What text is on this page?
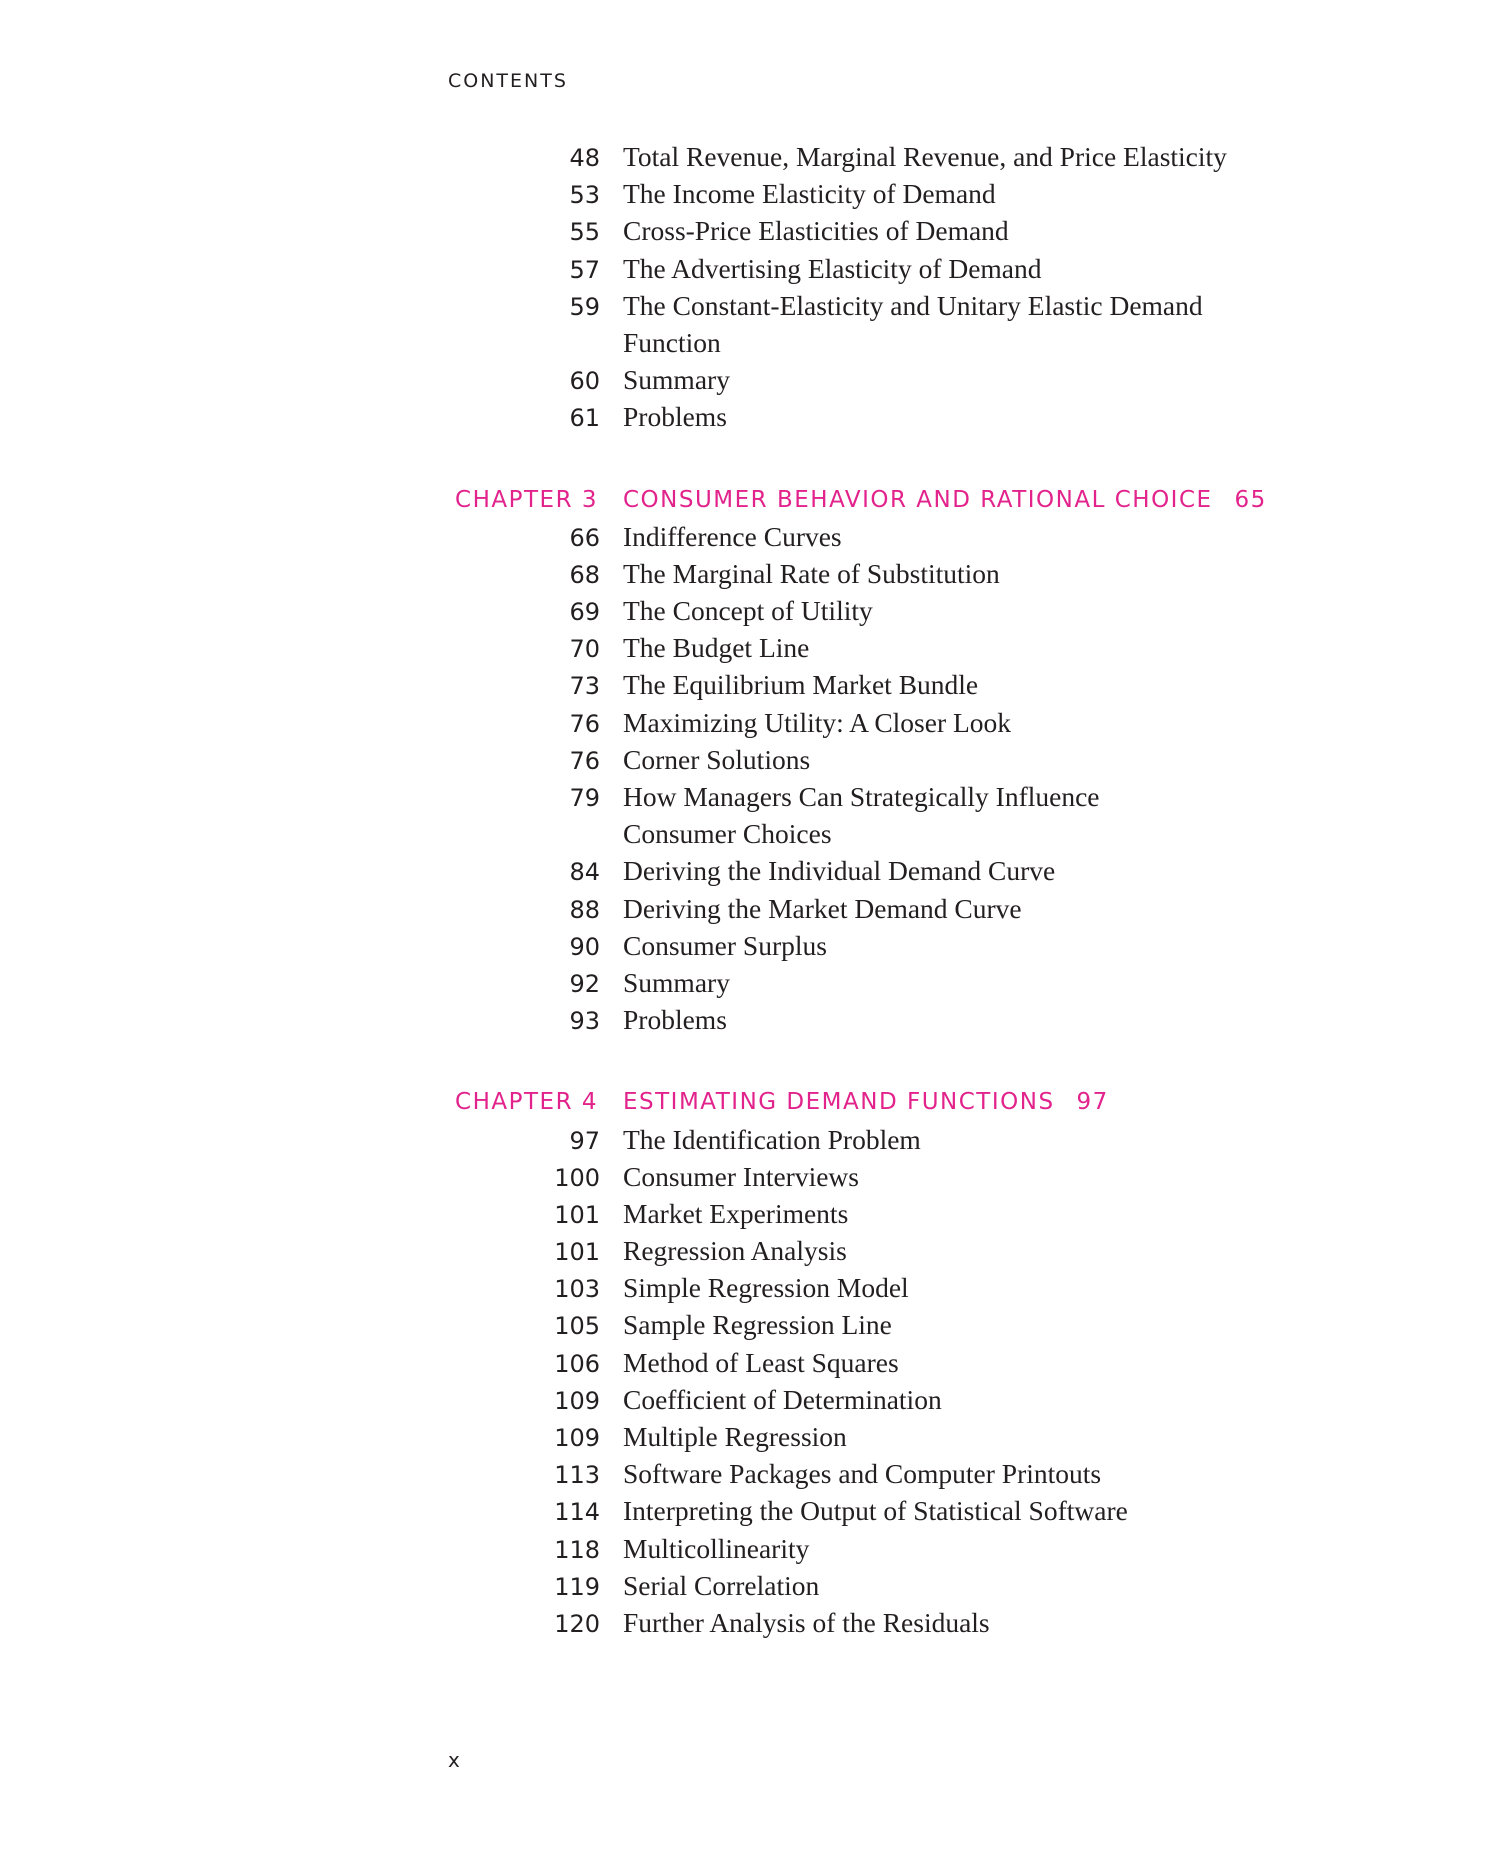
CONTENTS
48 Total Revenue, Marginal Revenue, and Price Elasticity
53 The Income Elasticity of Demand
55 Cross-Price Elasticities of Demand
57 The Advertising Elasticity of Demand
59 The Constant-Elasticity and Unitary Elastic Demand
Function
60 Summary
61 Problems
CHAPTER 3 CONSUMER BEHAVIOR AND RATIONAL CHOICE 65
66 Indifference Curves
68 The Marginal Rate of Substitution
69 The Concept of Utility
70 The Budget Line
73 The Equilibrium Market Bundle
76 Maximizing Utility: A Closer Look
76 Corner Solutions
79 How Managers Can Strategically Influence
Consumer Choices
84 Deriving the Individual Demand Curve
88 Deriving the Market Demand Curve
90 Consumer Surplus
92 Summary
93 Problems
CHAPTER 4 ESTIMATING DEMAND FUNCTIONS 97
97 The Identification Problem
100 Consumer Interviews
101 Market Experiments
101 Regression Analysis
103 Simple Regression Model
105 Sample Regression Line
106 Method of Least Squares
109 Coefficient of Determination
109 Multiple Regression
113 Software Packages and Computer Printouts
114 Interpreting the Output of Statistical Software
118 Multicollinearity
119 Serial Correlation
120 Further Analysis of the Residuals
x
